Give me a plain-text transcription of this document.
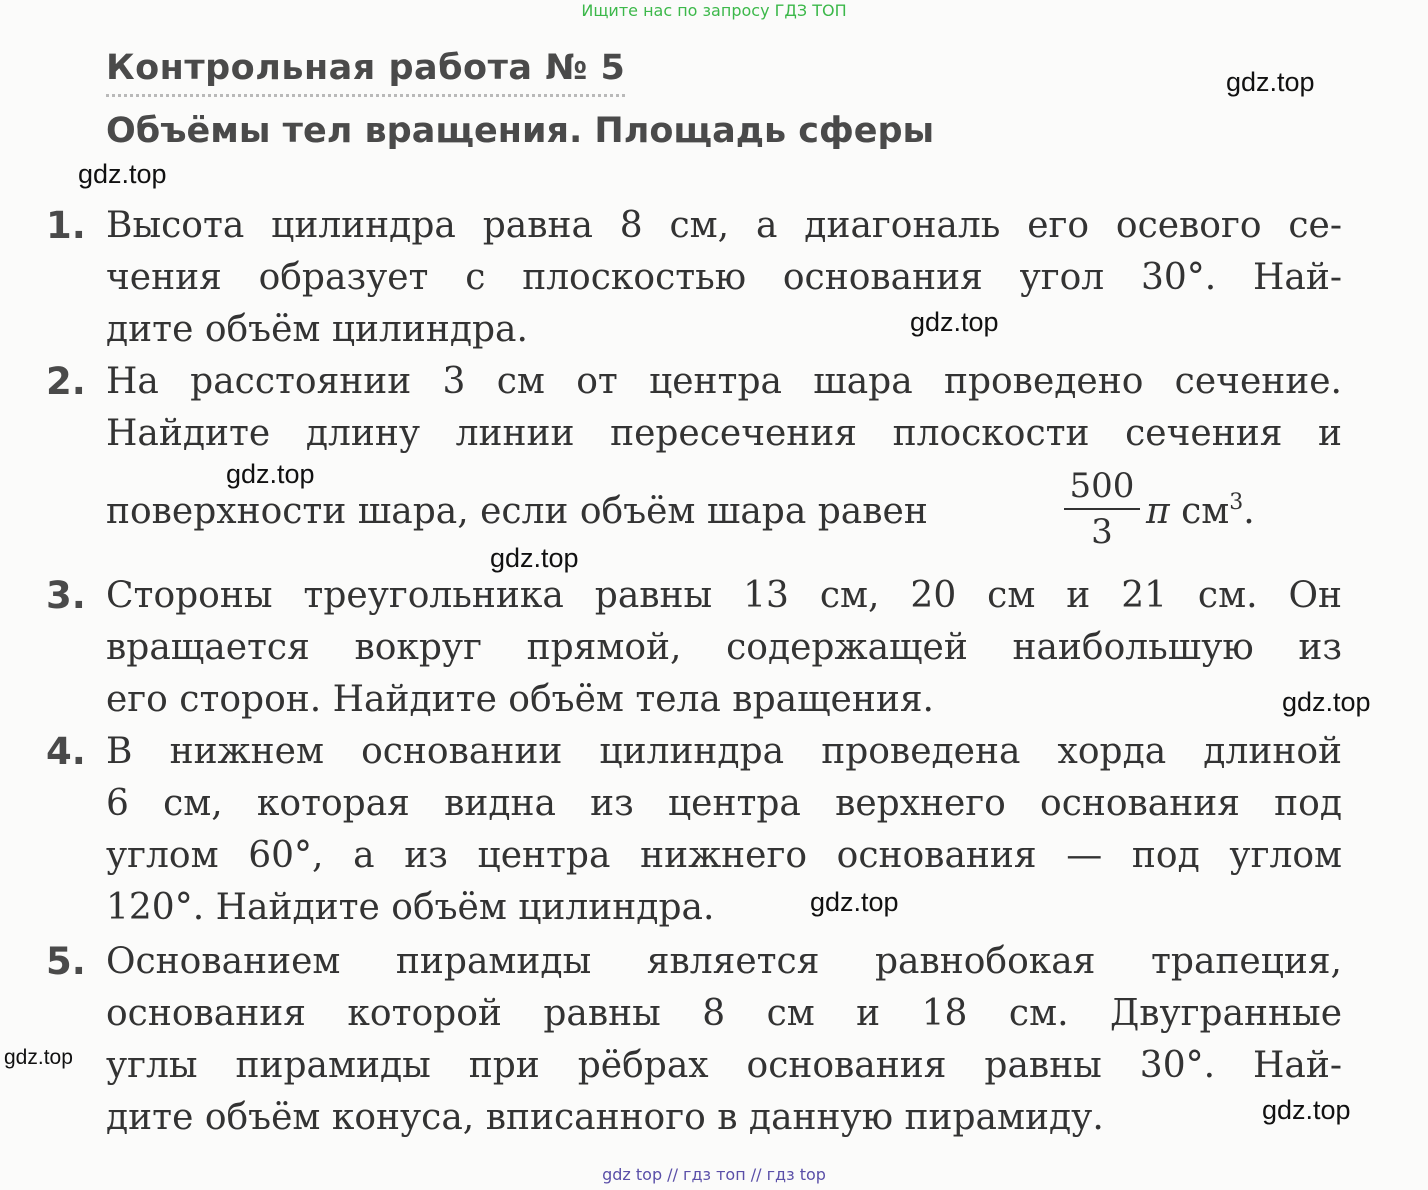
Ищите нас по запросу ГДЗ ТОП
Контрольная работа № 5
Объёмы тел вращения. Площадь сферы
1. Высота цилиндра равна 8 см, а диагональ его осевого се-
чения образует с плоскостью основания угол 30°. Най-
дите объём цилиндра.
2. На расстоянии 3 см от центра шара проведено сечение.
Найдите длину линии пересечения плоскости сечения и
поверхности шара, если объём шара равен
500
3 π $см^3$.
3. Стороны треугольника равны 13 см, 20 см и 21 см. Он
вращается вокруг прямой, содержащей наибольшую из
его сторон. Найдите объём тела вращения.
4. В нижнем основании цилиндра проведена хорда длиной
6 см, которая видна из центра верхнего основания под
углом 60°, а из центра нижнего основания — под углом
120°. Найдите объём цилиндра.
5. Основанием пирамиды является равнобокая трапеция,
основания которой равны 8 см и 18 см. Двугранные
углы пирамиды при рёбрах основания равны 30°. Най-
дите объём конуса, вписанного в данную пирамиду.
gdz.top
gdz.top
gdz.top
gdz.top
gdz.top
gdz.top
gdz.top
gdz.top
gdz.top
gdz top // гдз топ // гдз top
